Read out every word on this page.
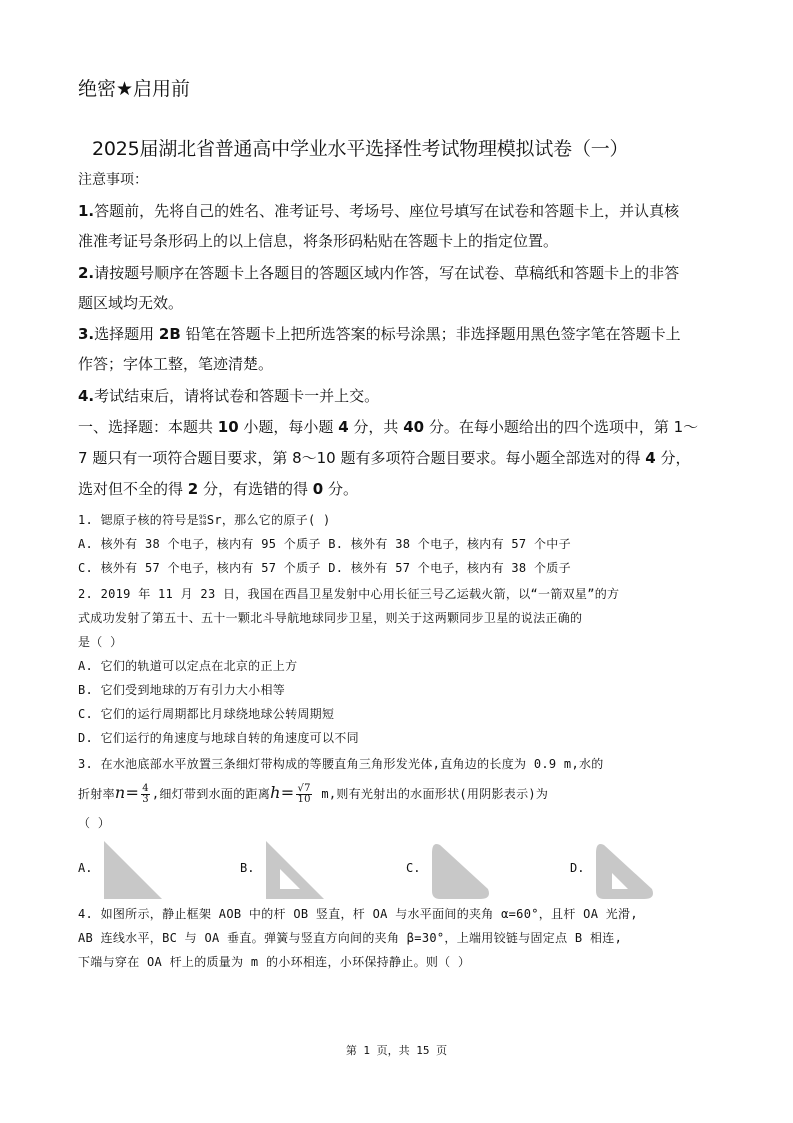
绝密★启用前
2025届湖北省普通高中学业水平选择性考试物理模拟试卷（一）
注意事项：
1.答题前，先将自己的姓名、准考证号、考场号、座位号填写在试卷和答题卡上，并认真核
准准考证号条形码上的以上信息，将条形码粘贴在答题卡上的指定位置。
2.请按题号顺序在答题卡上各题目的答题区域内作答，写在试卷、草稿纸和答题卡上的非答
题区域均无效。
3.选择题用 2B 铅笔在答题卡上把所选答案的标号涂黑；非选择题用黑色签字笔在答题卡上
作答；字体工整，笔迹清楚。
4.考试结束后，请将试卷和答题卡一并上交。
一、选择题：本题共 10 小题，每小题 4 分，共 40 分。在每小题给出的四个选项中，第 1～
7 题只有一项符合题目要求，第 8～10 题有多项符合题目要求。每小题全部选对的得 4 分，
选对但不全的得 2 分，有选错的得 0 分。
1. 锶原子核的符号是 95
38 Sr，那么它的原子( )
A. 核外有 38 个电子，核内有 95 个质子 B. 核外有 38 个电子，核内有 57 个中子
C. 核外有 57 个电子，核内有 57 个质子 D. 核外有 57 个电子，核内有 38 个质子
2. 2019 年 11 月 23 日，我国在西昌卫星发射中心用长征三号乙运载火箭，以“一箭双星”的方
式成功发射了第五十、五十一颗北斗导航地球同步卫星，则关于这两颗同步卫星的说法正确的
是（ ）
A. 它们的轨道可以定点在北京的正上方
B. 它们受到地球的万有引力大小相等
C. 它们的运行周期都比月球绕地球公转周期短
D. 它们运行的角速度与地球自转的角速度可以不同
3. 在水池底部水平放置三条细灯带构成的等腰直角三角形发光体,直角边的长度为 0.9 m,水的
折射率$n= \frac{4}{3}$ ,细灯带到水面的距离$h= \frac{√7}{10} m$,则有光射出的水面形状(用阴影表示)为
（ ）
A.	B.	C.	D.
4. 如图所示，静止框架 AOB 中的杆 OB 竖直，杆 OA 与水平面间的夹角 α=60°，且杆 OA 光滑,
AB 连线水平，BC 与 OA 垂直。弹簧与竖直方向间的夹角 β=30°，上端用铰链与固定点 B 相连,
下端与穿在 OA 杆上的质量为 m 的小环相连，小环保持静止。则（ ）
第 1 页，共 15 页
